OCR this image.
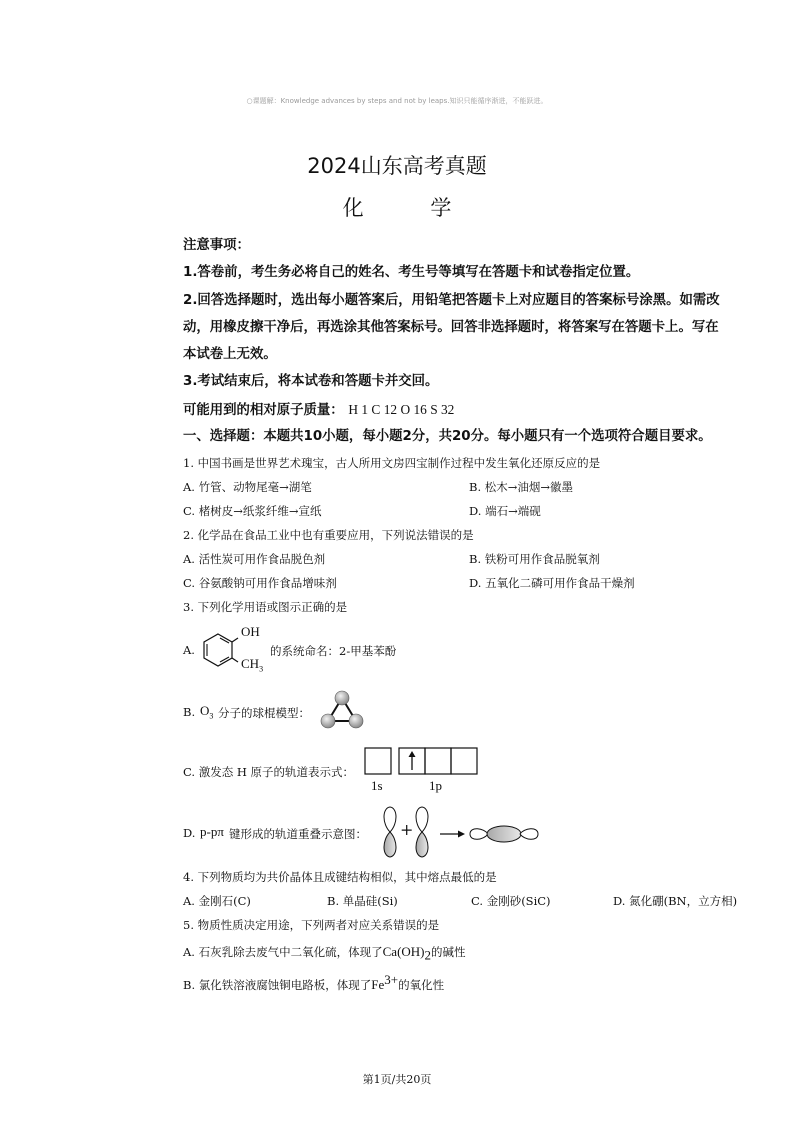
○课题解：Knowledge advances by steps and not by leaps.知识只能循序渐进，不能跃进。
2024山东高考真题
化 学

注意事项：

1.答卷前，考生务必将自己的姓名、考生号等填写在答题卡和试卷指定位置。

2.回答选择题时，选出每小题答案后，用铅笔把答题卡上对应题目的答案标号涂黑。如需改

动，用橡皮擦干净后，再选涂其他答案标号。回答非选择题时，将答案写在答题卡上。写在

本试卷上无效。

3.考试结束后，将本试卷和答题卡并交回。

可能用到的相对原子质量： H 1 C 12 O 16 S 32

一、选择题：本题共10小题，每小题2分，共20分。每小题只有一个选项符合题目要求。
1. 中国书画是世界艺术瑰宝，古人所用文房四宝制作过程中发生氧化还原反应的是
A. 竹管、动物尾毫→湖笔	B. 松木→油烟→徽墨
C. 楮树皮→纸浆纤维→宣纸	D. 端石→端砚
2. 化学品在食品工业中也有重要应用，下列说法错误的是
A. 活性炭可用作食品脱色剂	B. 铁粉可用作食品脱氧剂
C. 谷氨酸钠可用作食品增味剂	D. 五氧化二磷可用作食品干燥剂
3. 下列化学用语或图示正确的是
A.
OH
$CH_3$
的系统命名：2-甲基苯酚
B. $O_3$ 分子的球棍模型：
C. 激发态 H 原子的轨道表示式：
1s	1p
D. p-pπ 键形成的轨道重叠示意图： +
4. 下列物质均为共价晶体且成键结构相似，其中熔点最低的是
A. 金刚石(C)	B. 单晶硅(Si)	C. 金刚砂(SiC)	D. 氮化硼(BN，立方相)
5. 物质性质决定用途，下列两者对应关系错误的是
A. 石灰乳除去废气中二氧化硫，体现了$Ca(OH)_2$的碱性
B. 氯化铁溶液腐蚀铜电路板，体现了$Fe^{3+}$的氧化性
第1页/共20页
